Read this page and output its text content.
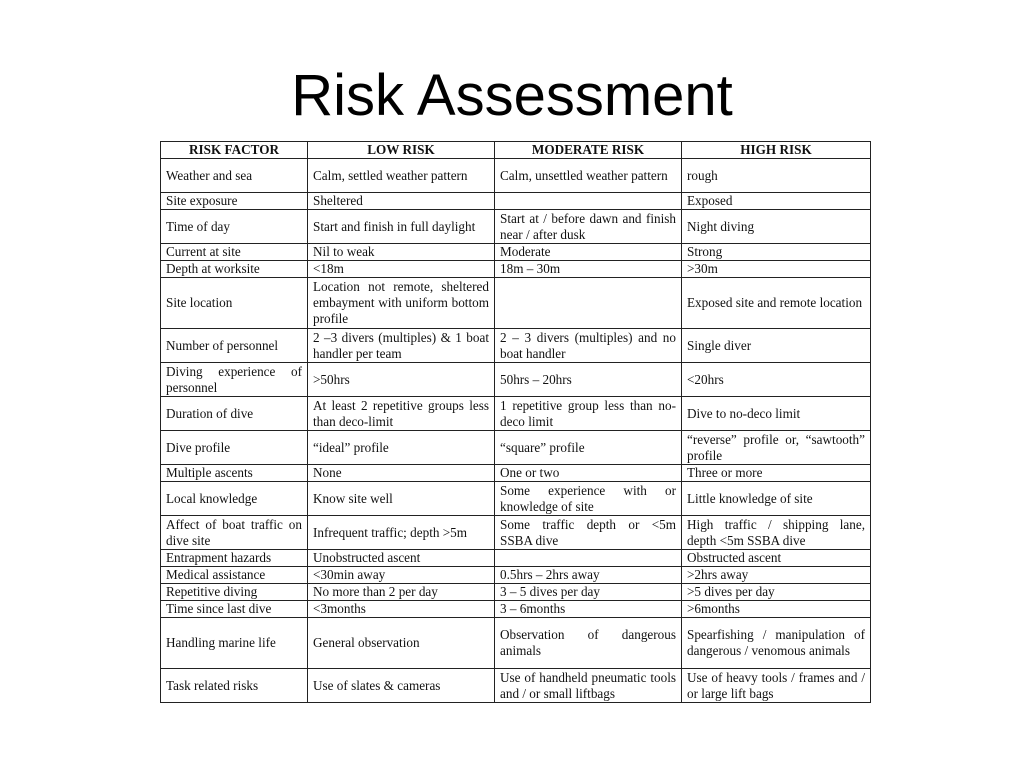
Risk Assessment
RISK FACTOR	LOW RISK	MODERATE RISK	HIGH RISK
Weather and sea	Calm, settled weather pattern	Calm, unsettled weather pattern	rough
Site exposure	Sheltered		Exposed
Time of day	Start and finish in full daylight	Start at / before dawn and finish near / after dusk	Night diving
Current at site	Nil to weak	Moderate	Strong
Depth at worksite	<18m	18m – 30m	>30m
Site location	Location not remote, sheltered embayment with uniform bottom profile		Exposed site and remote location
Number of personnel	2 –3 divers (multiples) & 1 boat handler per team	2 – 3 divers (multiples) and no boat handler	Single diver
Diving experience of personnel	>50hrs	50hrs – 20hrs	<20hrs
Duration of dive	At least 2 repetitive groups less than deco-limit	1 repetitive group less than no-deco limit	Dive to no-deco limit
Dive profile	“ideal” profile	“square” profile	“reverse” profile or, “sawtooth” profile
Multiple ascents	None	One or two	Three or more
Local knowledge	Know site well	Some experience with or knowledge of site	Little knowledge of site
Affect of boat traffic on dive site	Infrequent traffic; depth >5m	Some traffic depth or <5m SSBA dive	High traffic / shipping lane, depth <5m SSBA dive
Entrapment hazards	Unobstructed ascent		Obstructed ascent
Medical assistance	<30min away	0.5hrs – 2hrs away	>2hrs away
Repetitive diving	No more than 2 per day	3 – 5 dives per day	>5 dives per day
Time since last dive	<3months	3 – 6months	>6months
Handling marine life	General observation	Observation of dangerous animals	Spearfishing / manipulation of dangerous / venomous animals
Task related risks	Use of slates & cameras	Use of handheld pneumatic tools and / or small liftbags	Use of heavy tools / frames and / or large lift bags
